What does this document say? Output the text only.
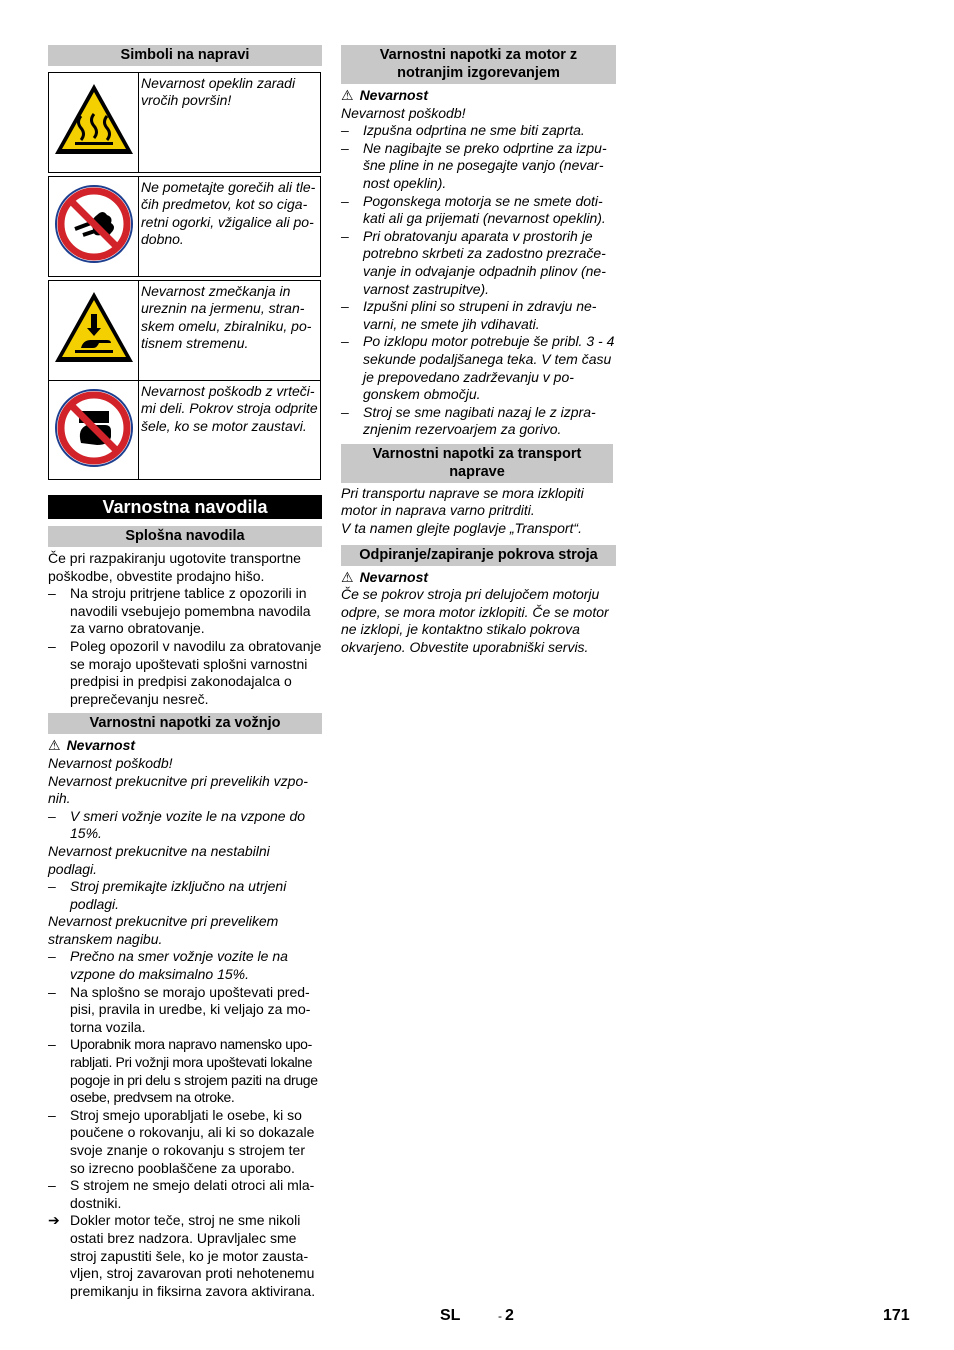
Simboli na napravi
	Nevarnost opeklin zaradi vročih površin!
	Ne pometajte gorečih ali tlečih predmetov, kot so cigaretni ogorki, vžigalice ali podobno.
	Nevarnost zmečkanja in ureznin na jermenu, stranskem omelu, zbiralniku, potisnem stremenu.
	Nevarnost poškodb z vrtečimi deli. Pokrov stroja odprite šele, ko se motor zaustavi.
Varnostna navodila
Splošna navodila

Če pri razpakiranju ugotovite transportne poškodbe, obvestite prodajno hišo.

– Na stroju pritrjene tablice z opozorili in navodili vsebujejo pomembna navodila za varno obratovanje.
– Poleg opozoril v navodilu za obratovanje se morajo upoštevati splošni varnostni predpisi in predpisi zakonodajalca o preprečevanju nesreč.
Varnostni napotki za vožnjo

⚠ Nevarnost

Nevarnost poškodb!

Nevarnost prekucnitve pri prevelikih vzponih.

– V smeri vožnje vozite le na vzpone do 15%.

Nevarnost prekucnitve na nestabilni podlagi.

– Stroj premikajte izključno na utrjeni podlagi.

Nevarnost prekucnitve pri prevelikem stranskem nagibu.

– Prečno na smer vožnje vozite le na vzpone do maksimalno 15%.
– Na splošno se morajo upoštevati predpisi, pravila in uredbe, ki veljajo za motorna vozila.
– Uporabnik mora napravo namensko uporabljati. Pri vožnji mora upoštevati lokalne pogoje in pri delu s strojem paziti na druge osebe, predvsem na otroke.
– Stroj smejo uporabljati le osebe, ki so poučene o rokovanju, ali ki so dokazale svoje znanje o rokovanju s strojem ter so izrecno pooblaščene za uporabo.
– S strojem ne smejo delati otroci ali mladostniki.
➔ Dokler motor teče, stroj ne sme nikoli ostati brez nadzora. Upravljalec sme stroj zapustiti šele, ko je motor zaustavljen, stroj zavarovan proti nehotenemu premikanju in fiksirna zavora aktivirana.
Varnostni napotki za motor z notranjim izgorevanjem

⚠ Nevarnost

Nevarnost poškodb!

– Izpušna odprtina ne sme biti zaprta.
– Ne nagibajte se preko odprtine za izpušne pline in ne posegajte vanjo (nevarnost opeklin).
– Pogonskega motorja se ne smete dotikati ali ga prijemati (nevarnost opeklin).
– Pri obratovanju aparata v prostorih je potrebno skrbeti za zadostno prezračevanje in odvajanje odpadnih plinov (nevarnost zastrupitve).
– Izpušni plini so strupeni in zdravju nevarni, ne smete jih vdihavati.
– Po izklopu motor potrebuje še pribl. 3 - 4 sekunde podaljšanega teka. V tem času je prepovedano zadrževanju v pogonskem območju.
– Stroj se sme nagibati nazaj le z izpraznjenim rezervoarjem za gorivo.
Varnostni napotki za transport naprave

Pri transportu naprave se mora izklopiti motor in naprava varno pritrditi.

V ta namen glejte poglavje „Transport“.

Odpiranje/zapiranje pokrova stroja

⚠ Nevarnost

Če se pokrov stroja pri delujočem motorju odpre, se mora motor izklopiti. Če se motor ne izklopi, je kontaktno stikalo pokrova okvarjeno. Obvestite uporabniški servis.

SL	- 2	171
